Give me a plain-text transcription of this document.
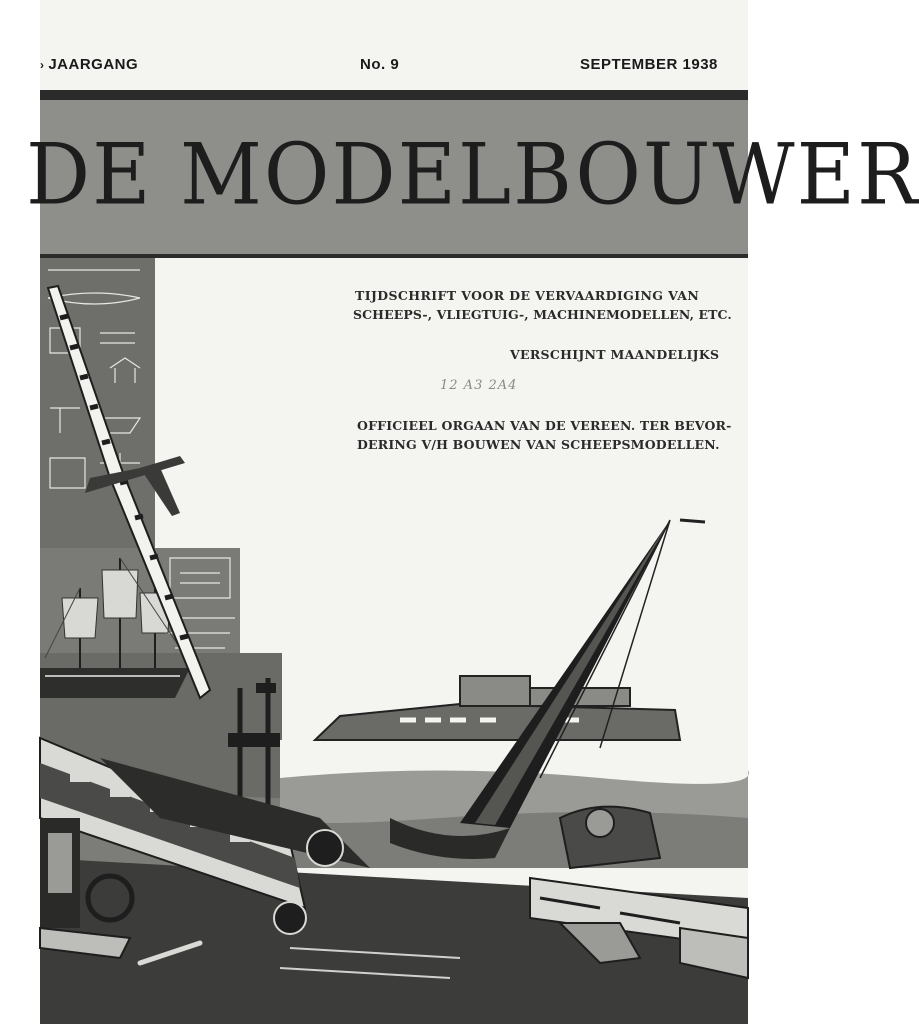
› JAARGANG	No. 9	SEPTEMBER 1938
DE MODELBOUWER
TIJDSCHRIFT VOOR DE VERVAARDIGING VAN
SCHEEPS-, VLIEGTUIG-, MACHINEMODELLEN, ETC.
VERSCHIJNT MAANDELIJKS
12 A3 2A4
OFFICIEEL ORGAAN VAN DE VEREEN. TER BEVOR-
DERING V/H BOUWEN VAN SCHEEPSMODELLEN.
